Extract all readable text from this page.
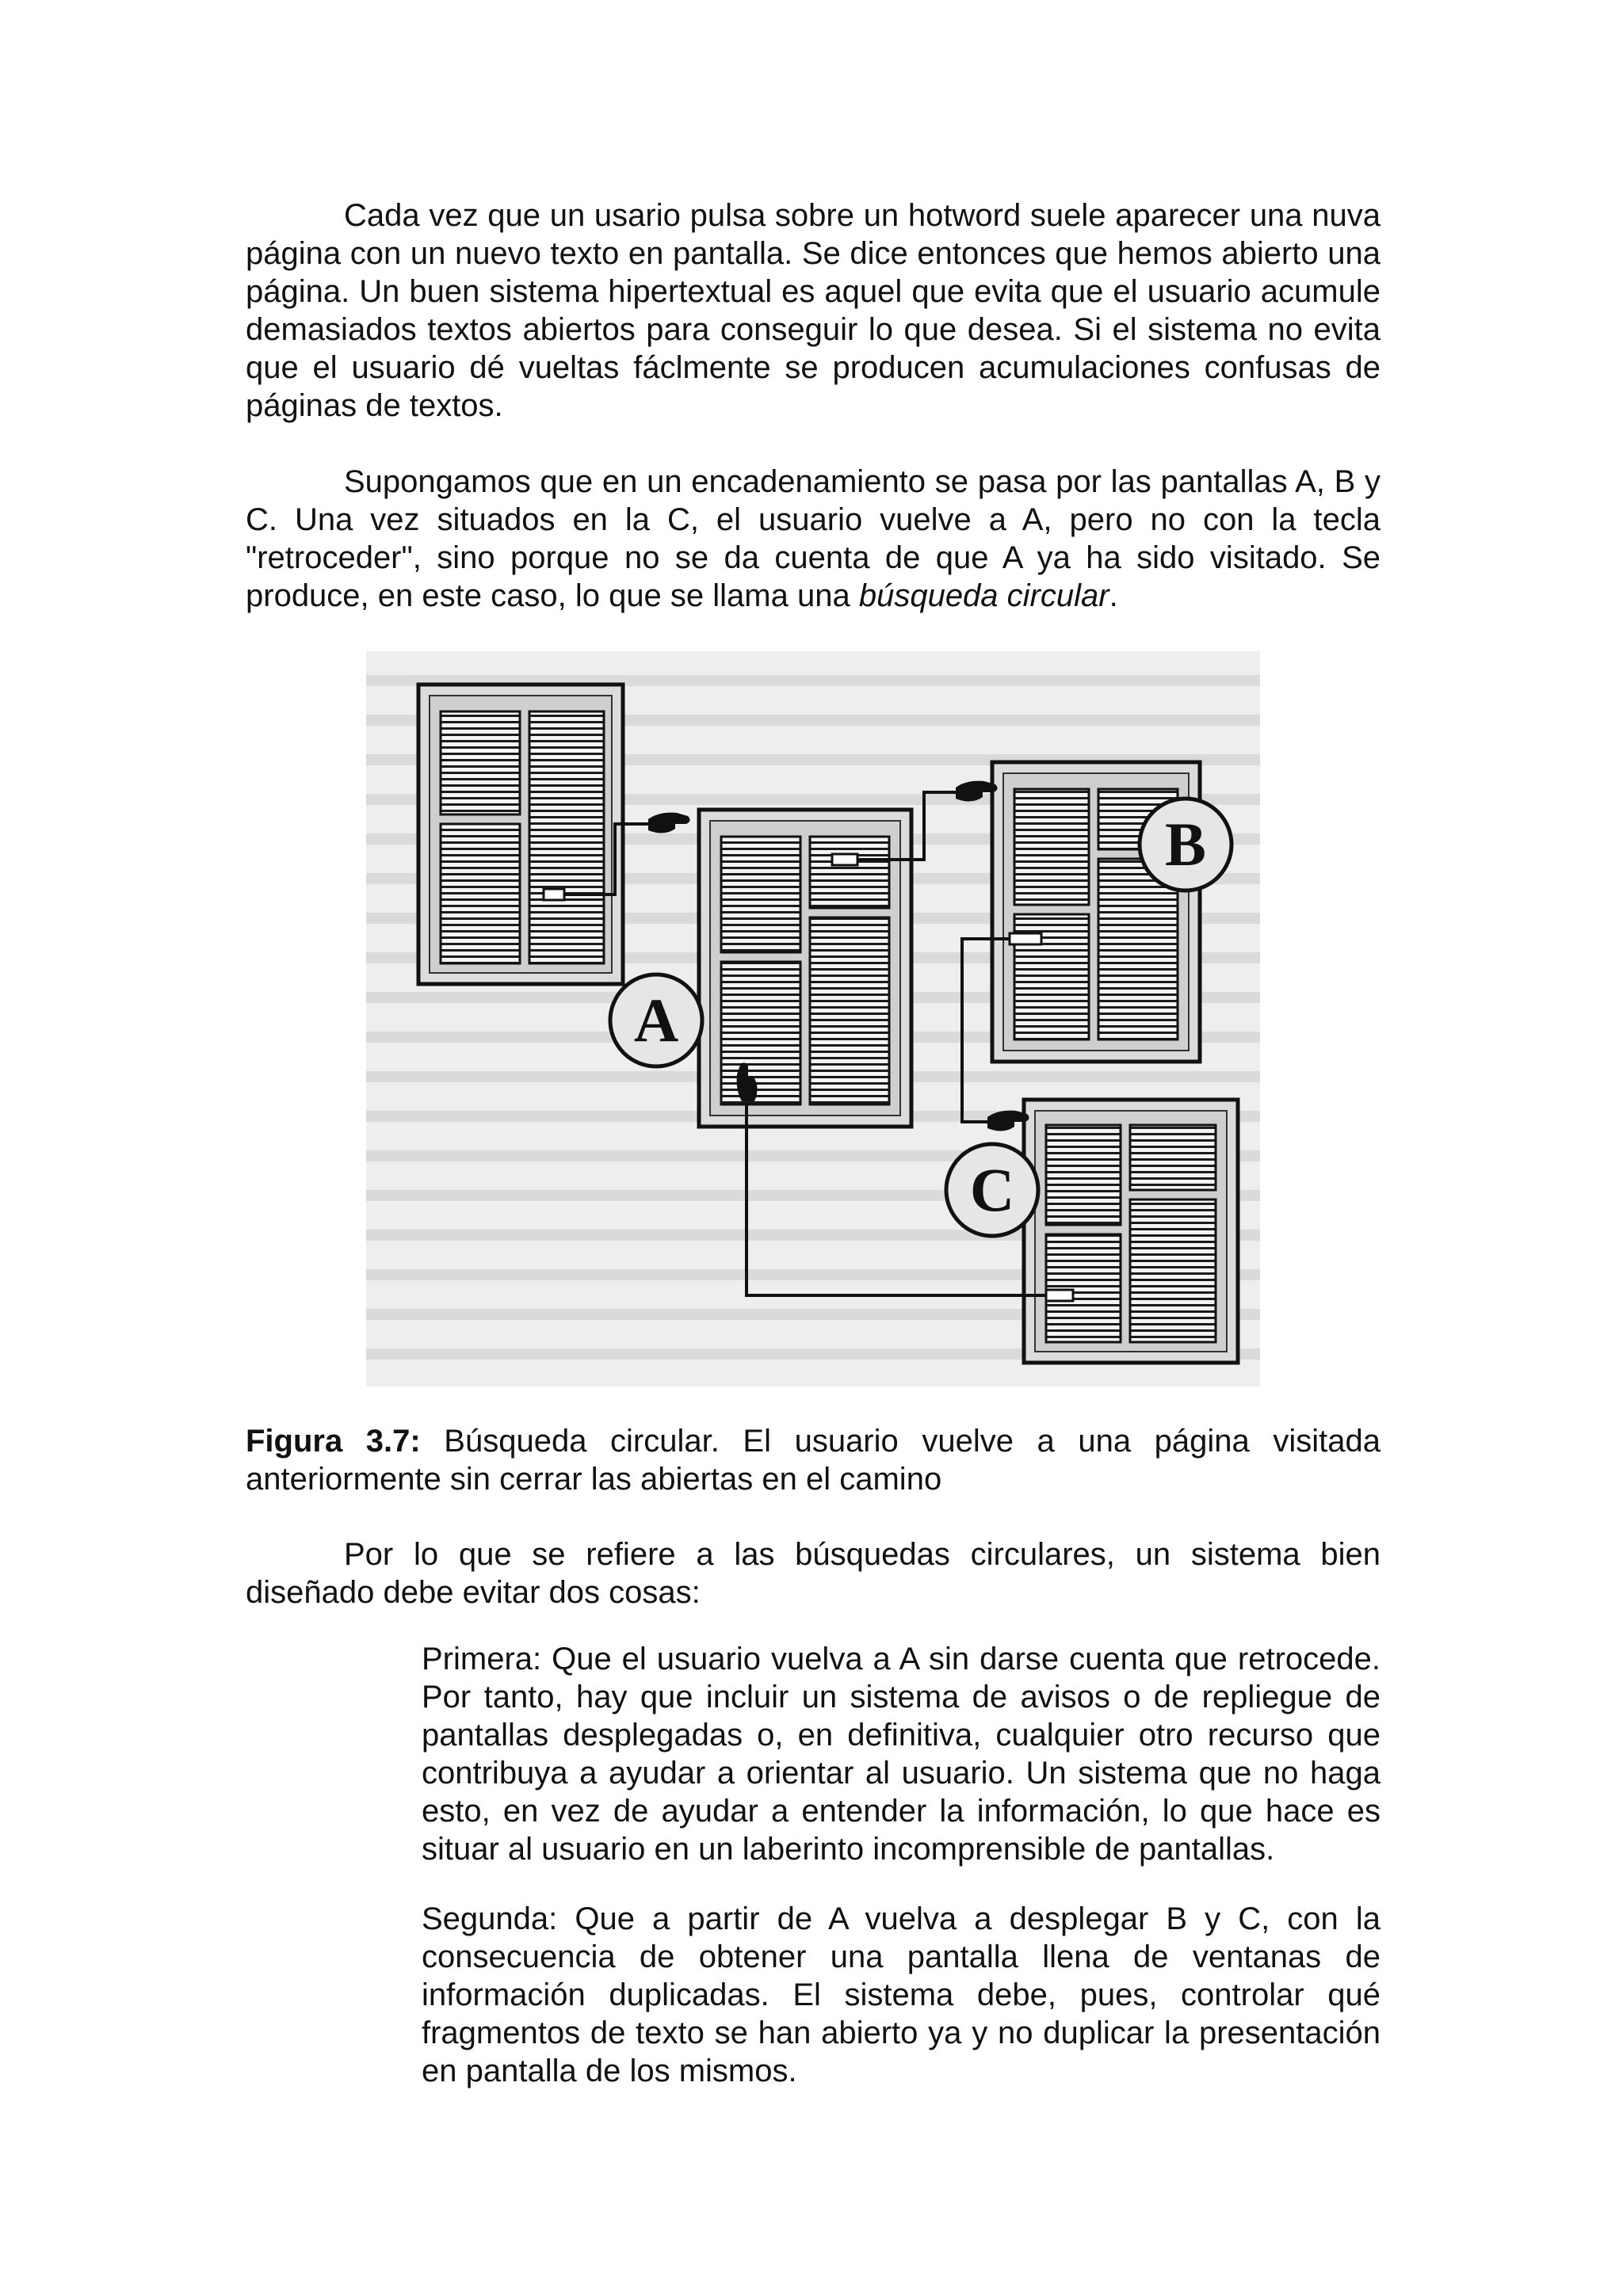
Cada vez que un usario pulsa sobre un hotword suele aparecer una nuva página con un nuevo texto en pantalla. Se dice entonces que hemos abierto una página. Un buen sistema hipertextual es aquel que evita que el usuario acumule demasiados textos abiertos para conseguir lo que desea. Si el sistema no evita que el usuario dé vueltas fáclmente se producen acumulaciones confusas de páginas de textos.

Supongamos que en un encadenamiento se pasa por las pantallas A, B y C. Una vez situados en la C, el usuario vuelve a A, pero no con la tecla "retroceder", sino porque no se da cuenta de que A ya ha sido visitado. Se produce, en este caso, lo que se llama una búsqueda circular.

A
B
C

Figura 3.7: Búsqueda circular. El usuario vuelve a una página visitada anteriormente sin cerrar las abiertas en el camino

Por lo que se refiere a las búsquedas circulares, un sistema bien diseñado debe evitar dos cosas:

Primera: Que el usuario vuelva a A sin darse cuenta que retrocede. Por tanto, hay que incluir un sistema de avisos o de repliegue de pantallas desplegadas o, en definitiva, cualquier otro recurso que contribuya a ayudar a orientar al usuario. Un sistema que no haga esto, en vez de ayudar a entender la información, lo que hace es situar al usuario en un laberinto incomprensible de pantallas.

Segunda: Que a partir de A vuelva a desplegar B y C, con la consecuencia de obtener una pantalla llena de ventanas de información duplicadas. El sistema debe, pues, controlar qué fragmentos de texto se han abierto ya y no duplicar la presentación en pantalla de los mismos.
